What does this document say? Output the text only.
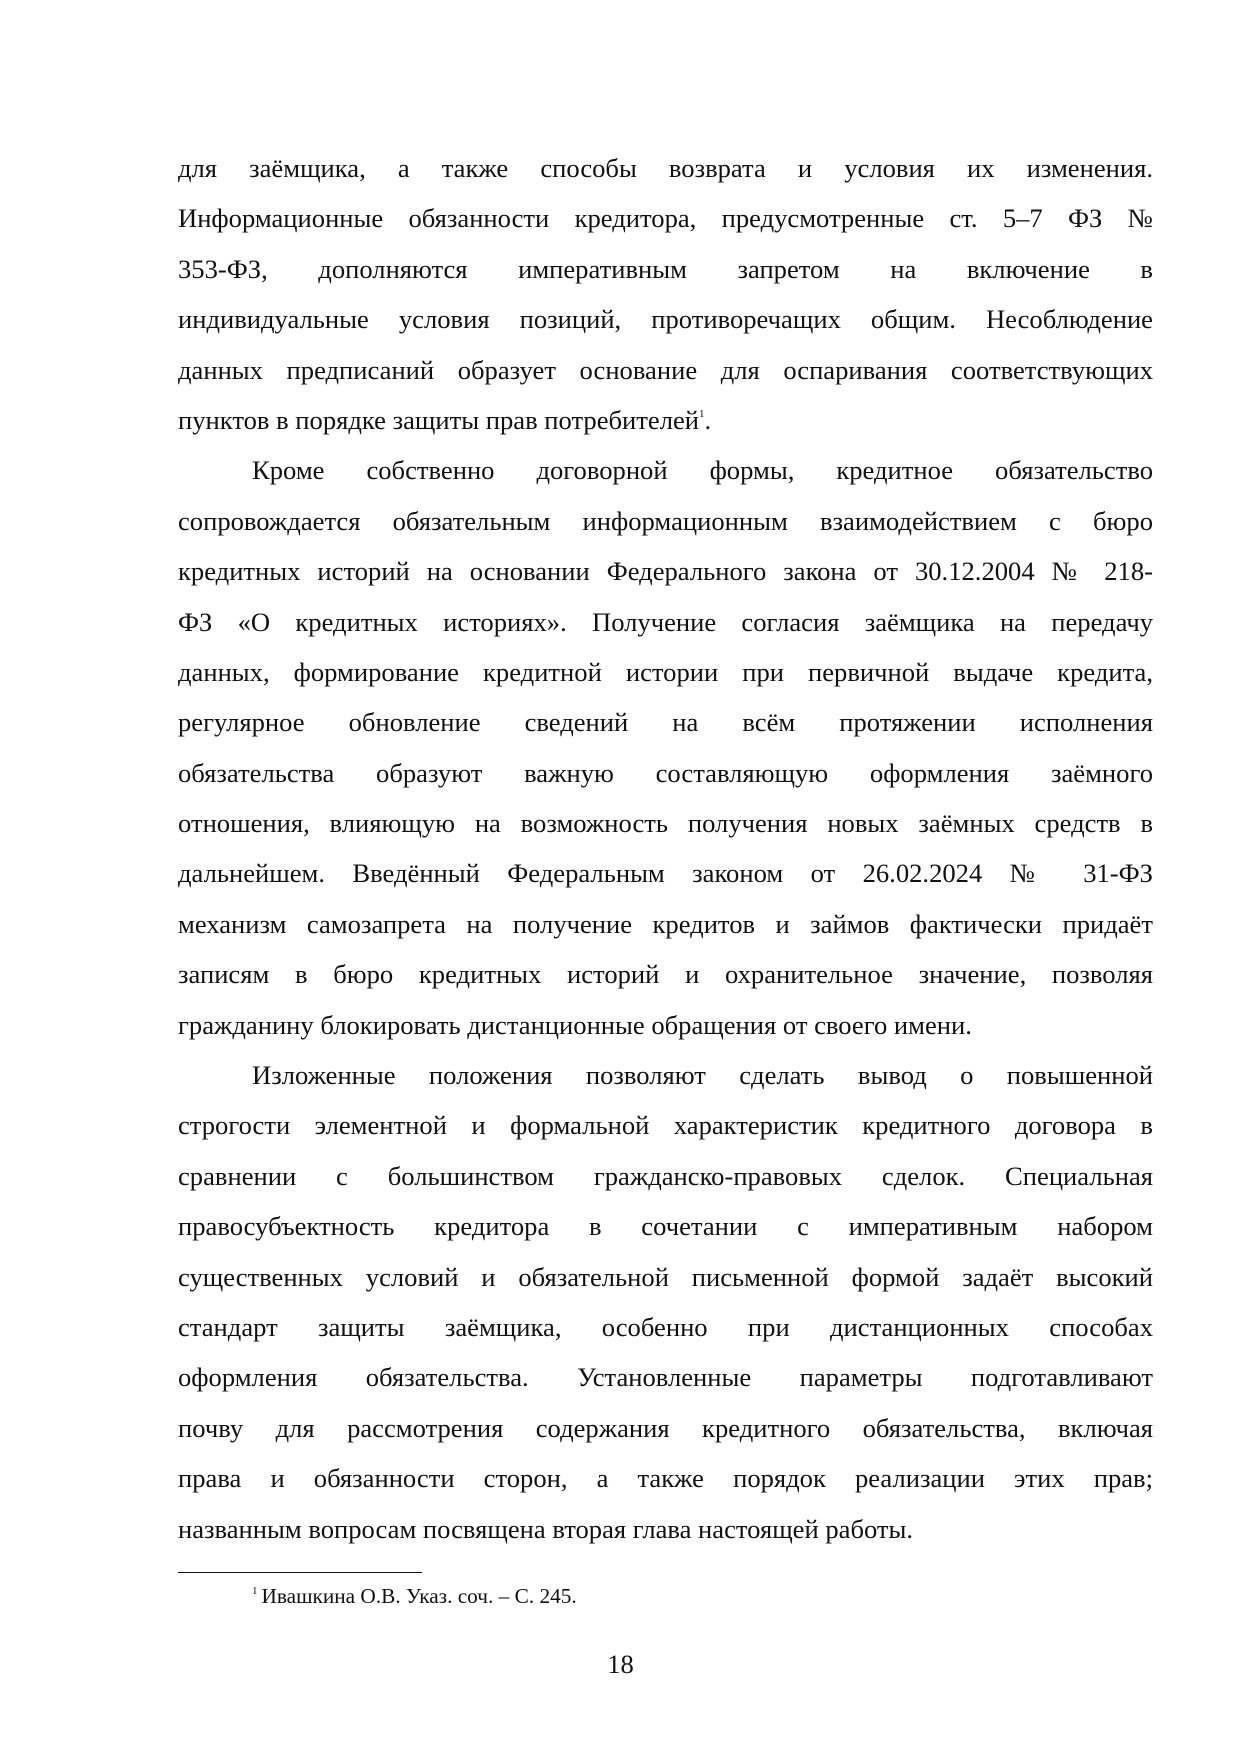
для заёмщика, а также способы возврата и условия их изменения.
Информационные обязанности кредитора, предусмотренные ст. 5–7 ФЗ №
353-ФЗ, дополняются императивным запретом на включение в
индивидуальные условия позиций, противоречащих общим. Несоблюдение
данных предписаний образует основание для оспаривания соответствующих
пунктов в порядке защиты прав потребителей$^1$.
Кроме собственно договорной формы, кредитное обязательство
сопровождается обязательным информационным взаимодействием с бюро
кредитных историй на основании Федерального закона от 30.12.2004 № 218-
ФЗ «О кредитных историях». Получение согласия заёмщика на передачу
данных, формирование кредитной истории при первичной выдаче кредита,
регулярное обновление сведений на всём протяжении исполнения
обязательства образуют важную составляющую оформления заёмного
отношения, влияющую на возможность получения новых заёмных средств в
дальнейшем. Введённый Федеральным законом от 26.02.2024 № 31-ФЗ
механизм самозапрета на получение кредитов и займов фактически придаёт
записям в бюро кредитных историй и охранительное значение, позволяя
гражданину блокировать дистанционные обращения от своего имени.
Изложенные положения позволяют сделать вывод о повышенной
строгости элементной и формальной характеристик кредитного договора в
сравнении с большинством гражданско-правовых сделок. Специальная
правосубъектность кредитора в сочетании с императивным набором
существенных условий и обязательной письменной формой задаёт высокий
стандарт защиты заёмщика, особенно при дистанционных способах
оформления обязательства. Установленные параметры подготавливают
почву для рассмотрения содержания кредитного обязательства, включая
права и обязанности сторон, а также порядок реализации этих прав;
названным вопросам посвящена вторая глава настоящей работы.
$^1$ Ивашкина О.В. Указ. соч. – С. 245.
18
